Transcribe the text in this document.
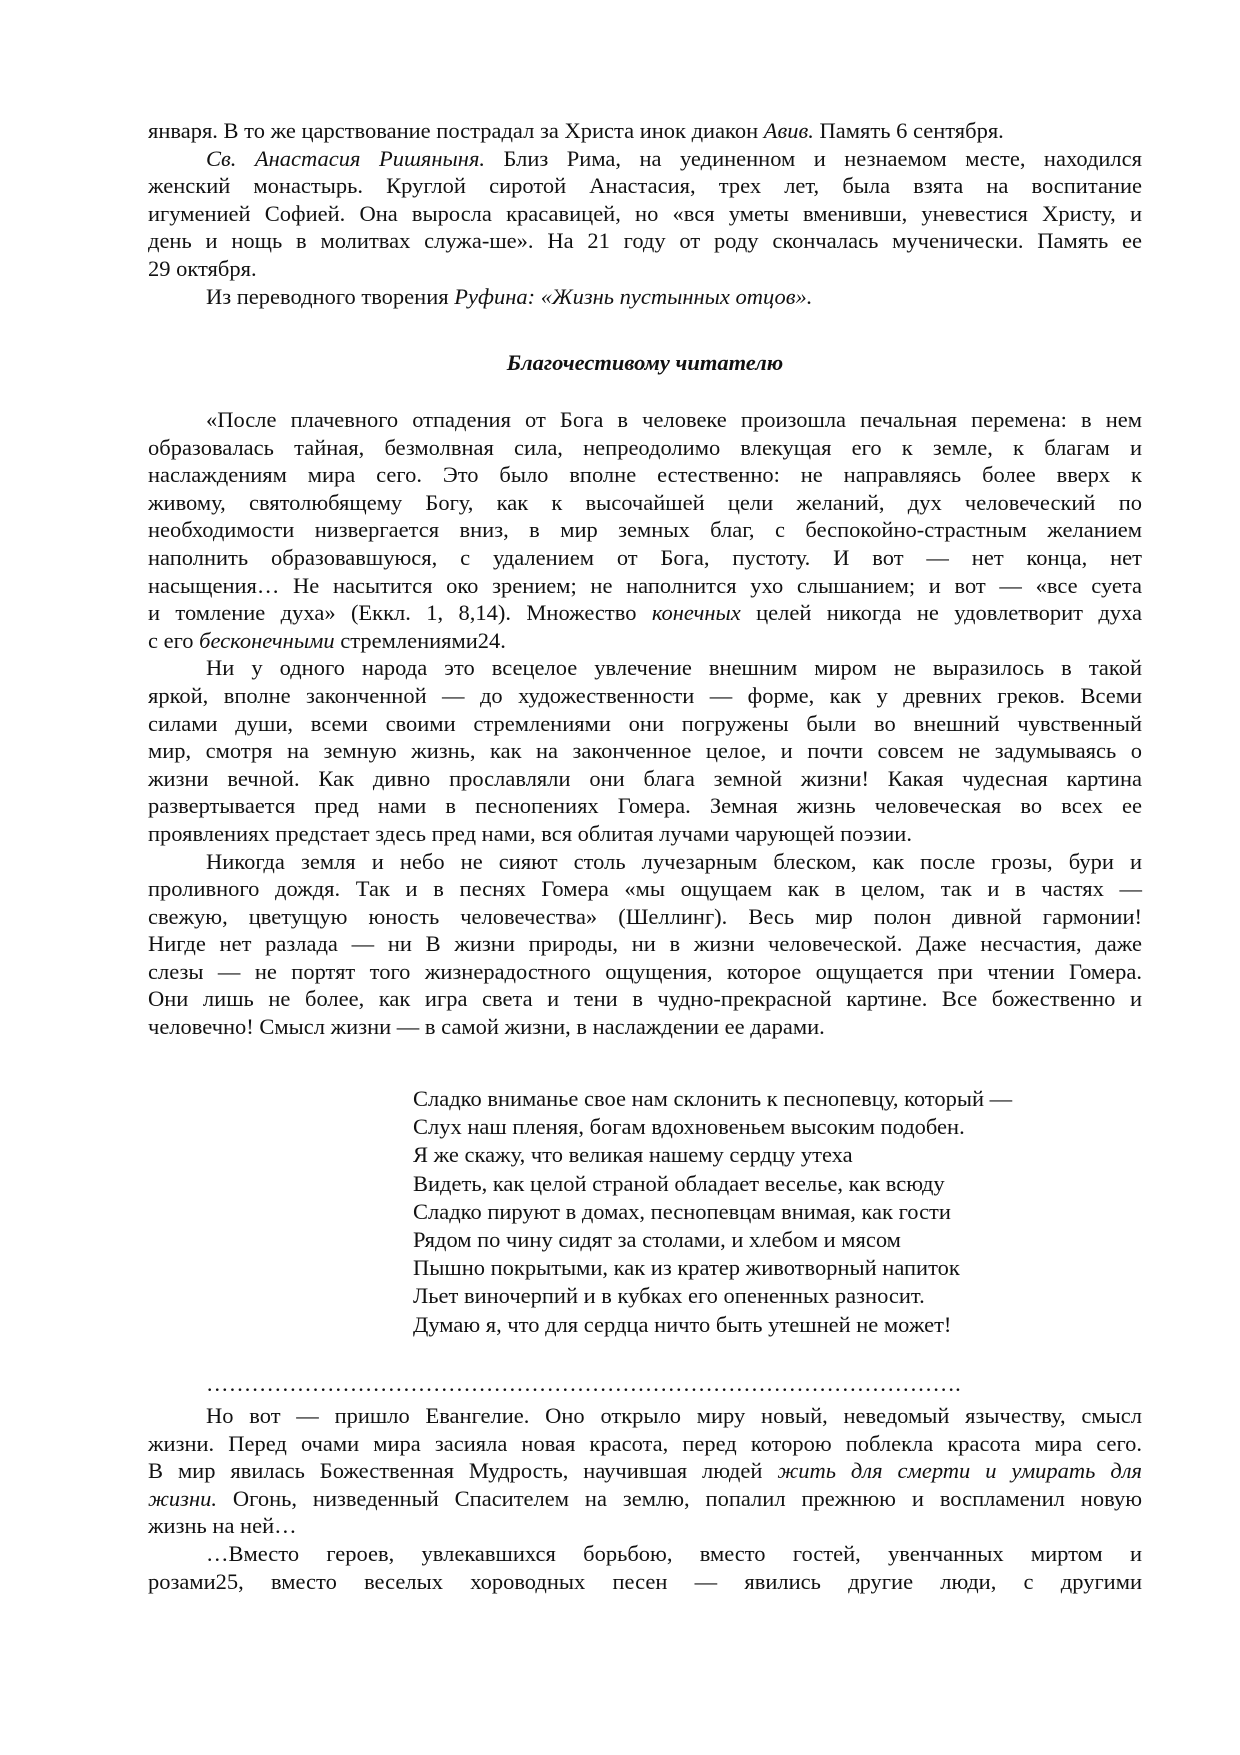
января. В то же царствование пострадал за Христа инок диакон Авив. Память 6 сентября.

Св. Анастасия Ришяныня. Близ Рима, на уединенном и незнаемом месте, находился
женский монастырь. Круглой сиротой Анастасия, трех лет, была взята на воспитание
игуменией Софией. Она выросла красавицей, но «вся уметы вменивши, уневестися Христу, и
день и нощь в молитвах служа-ше». На 21 году от роду скончалась мученически. Память ее
29 октября.

Из переводного творения Руфина: «Жизнь пустынных отцов».

Благочестивому читателю

«После плачевного отпадения от Бога в человеке произошла печальная перемена: в нем
образовалась тайная, безмолвная сила, непреодолимо влекущая его к земле, к благам и
наслаждениям мира сего. Это было вполне естественно: не направляясь более вверх к
живому, святолюбящему Богу, как к высочайшей цели желаний, дух человеческий по
необходимости низвергается вниз, в мир земных благ, с беспокойно-страстным желанием
наполнить образовавшуюся, с удалением от Бога, пустоту. И вот — нет конца, нет
насыщения… Не насытится око зрением; не наполнится ухо слышанием; и вот — «все суета
и томление духа» (Еккл. 1, 8,14). Множество конечных целей никогда не удовлетворит духа
с его бесконечными стремлениями24.

Ни у одного народа это всецелое увлечение внешним миром не выразилось в такой
яркой, вполне законченной — до художественности — форме, как у древних греков. Всеми
силами души, всеми своими стремлениями они погружены были во внешний чувственный
мир, смотря на земную жизнь, как на законченное целое, и почти совсем не задумываясь о
жизни вечной. Как дивно прославляли они блага земной жизни! Какая чудесная картина
развертывается пред нами в песнопениях Гомера. Земная жизнь человеческая во всех ее
проявлениях предстает здесь пред нами, вся облитая лучами чарующей поэзии.

Никогда земля и небо не сияют столь лучезарным блеском, как после грозы, бури и
проливного дождя. Так и в песнях Гомера «мы ощущаем как в целом, так и в частях —
свежую, цветущую юность человечества» (Шеллинг). Весь мир полон дивной гармонии!
Нигде нет разлада — ни В жизни природы, ни в жизни человеческой. Даже несчастия, даже
слезы — не портят того жизнерадостного ощущения, которое ощущается при чтении Гомера.
Они лишь не более, как игра света и тени в чудно-прекрасной картине. Все божественно и
человечно! Смысл жизни — в самой жизни, в наслаждении ее дарами.

Сладко вниманье свое нам склонить к песнопевцу, который —
Слух наш пленяя, богам вдохновеньем высоким подобен.
Я же скажу, что великая нашему сердцу утеха
Видеть, как целой страной обладает веселье, как всюду
Сладко пируют в домах, песнопевцам внимая, как гости
Рядом по чину сидят за столами, и хлебом и мясом
Пышно покрытыми, как из кратер животворный напиток
Льет виночерпий и в кубках его опененных разносит.
Думаю я, что для сердца ничто быть утешней не может!

……………………………………………………………………………………….

Но вот — пришло Евангелие. Оно открыло миру новый, неведомый язычеству, смысл
жизни. Перед очами мира засияла новая красота, перед которою поблекла красота мира сего.
В мир явилась Божественная Мудрость, научившая людей жить для смерти и умирать для
жизни. Огонь, низведенный Спасителем на землю, попалил прежнюю и воспламенил новую
жизнь на ней…

…Вместо героев, увлекавшихся борьбою, вместо гостей, увенчанных миртом и
розами25, вместо веселых хороводных песен — явились другие люди, с другими
